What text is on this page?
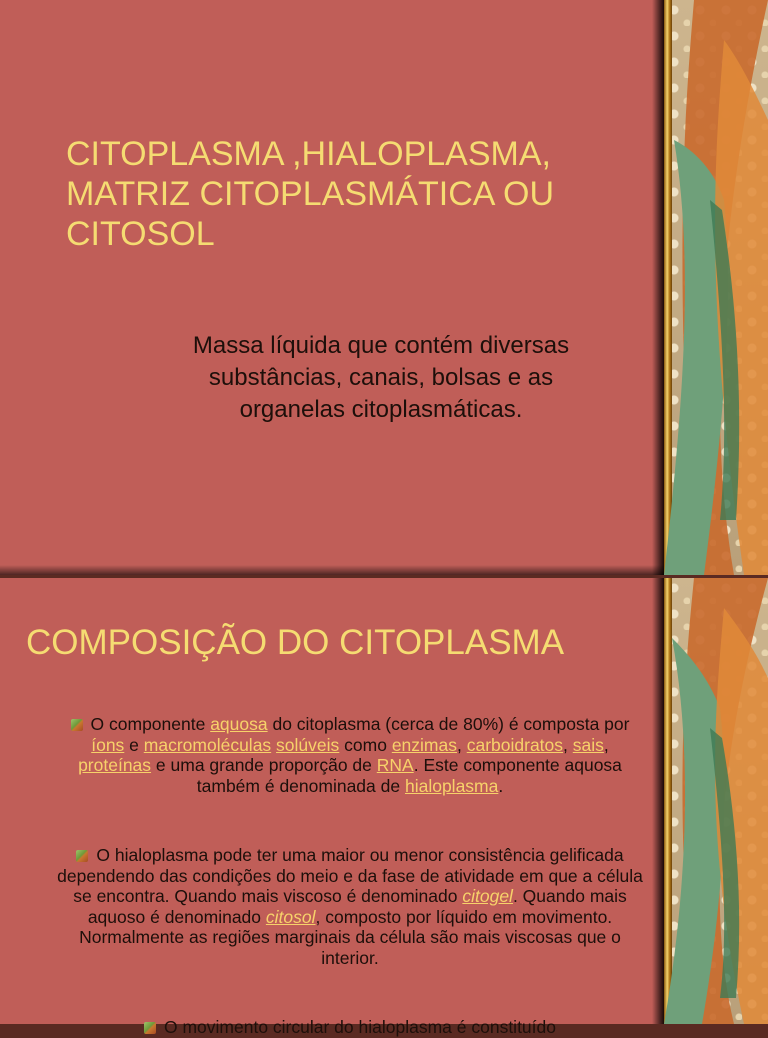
CITOPLASMA ,HIALOPLASMA, MATRIZ CITOPLASMÁTICA OU CITOSOL

Massa líquida que contém diversas substâncias, canais, bolsas e as organelas citoplasmáticas.

COMPOSIÇÃO DO CITOPLASMA

O componente aquosa do citoplasma (cerca de 80%) é composta por íons e macromoléculas solúveis como enzimas, carboidratos, sais, proteínas e uma grande proporção de RNA. Este componente aquosa também é denominada de hialoplasma.

O hialoplasma pode ter uma maior ou menor consistência gelificada dependendo das condições do meio e da fase de atividade em que a célula se encontra. Quando mais viscoso é denominado citogel. Quando mais aquoso é denominado citosol, composto por líquido em movimento. Normalmente as regiões marginais da célula são mais viscosas que o interior.

O movimento circular do hialoplasma é constituído
